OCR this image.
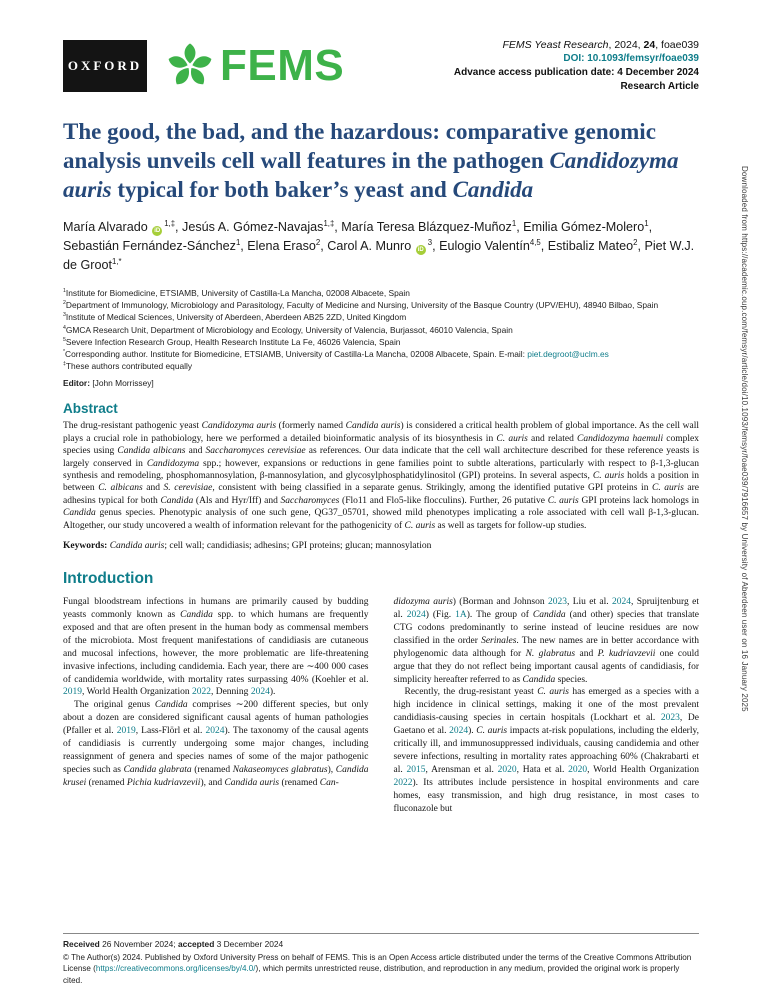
Downloaded from https://academic.oup.com/femsyr/article/doi/10.1093/femsyr/foae039/7916657 by University of Aberdeen user on 16 January 2025
OXFORD FEMS	FEMS Yeast Research, 2024, 24, foae039
DOI: 10.1093/femsyr/foae039
Advance access publication date: 4 December 2024
Research Article
The good, the bad, and the hazardous: comparative genomic analysis unveils cell wall features in the pathogen Candidozyma auris typical for both baker’s yeast and Candida
María Alvarado $iD^{1,\ddagger}$, Jesús A. Gómez-Navajas$^{1,\ddagger}$, María Teresa Blázquez-Muñoz$^1$, Emilia Gómez-Molero$^1$, Sebastián Fernández-Sánchez$^1$, Elena Eraso$^2$, Carol A. Munro $iD^3$, Eulogio Valentín$^{4,5}$, Estibaliz Mateo$^2$, Piet W.J. de Groot$^{1,*}$
$^1$Institute for Biomedicine, ETSIAMB, University of Castilla-La Mancha, 02008 Albacete, Spain
$^2$Department of Immunology, Microbiology and Parasitology, Faculty of Medicine and Nursing, University of the Basque Country (UPV/EHU), 48940 Bilbao, Spain
$^3$Institute of Medical Sciences, University of Aberdeen, Aberdeen AB25 2ZD, United Kingdom
$^4$GMCA Research Unit, Department of Microbiology and Ecology, University of Valencia, Burjassot, 46010 Valencia, Spain
$^5$Severe Infection Research Group, Health Research Institute La Fe, 46026 Valencia, Spain
*Corresponding author. Institute for Biomedicine, ETSIAMB, University of Castilla-La Mancha, 02008 Albacete, Spain. E-mail: piet.degroot@uclm.es
‡These authors contributed equally
Editor: [John Morrissey]
Abstract

The drug-resistant pathogenic yeast Candidozyma auris (formerly named Candida auris) is considered a critical health problem of global importance. As the cell wall plays a crucial role in pathobiology, here we performed a detailed bioinformatic analysis of its biosynthesis in C. auris and related Candidozyma haemuli complex species using Candida albicans and Saccharomyces cerevisiae as references. Our data indicate that the cell wall architecture described for these reference yeasts is largely conserved in Candidozyma spp.; however, expansions or reductions in gene families point to subtle alterations, particularly with respect to β-1,3-glucan synthesis and remodeling, phosphomannosylation, β-mannosylation, and glycosylphosphatidylinositol (GPI) proteins. In several aspects, C. auris holds a position in between C. albicans and S. cerevisiae, consistent with being classified in a separate genus. Strikingly, among the identified putative GPI proteins in C. auris are adhesins typical for both Candida (Als and Hyr/Iff) and Saccharomyces (Flo11 and Flo5-like flocculins). Further, 26 putative C. auris GPI proteins lack homologs in Candida genus species. Phenotypic analysis of one such gene, QG37_05701, showed mild phenotypes implicating a role associated with cell wall β-1,3-glucan. Altogether, our study uncovered a wealth of information relevant for the pathogenicity of C. auris as well as targets for follow-up studies.

Keywords: Candida auris; cell wall; candidiasis; adhesins; GPI proteins; glucan; mannosylation
Introduction

Fungal bloodstream infections in humans are primarily caused by budding yeasts commonly known as Candida spp. to which humans are frequently exposed and that are often present in the human body as commensal members of the microbiota. Most frequent manifestations of candidiasis are cutaneous and mucosal infections, however, the more problematic are life-threatening invasive infections, including candidemia. Each year, there are ∼400 000 cases of candidemia worldwide, with mortality rates surpassing 40% (Koehler et al. 2019, World Health Organization 2022, Denning 2024).

The original genus Candida comprises ∼200 different species, but only about a dozen are considered significant causal agents of human pathologies (Pfaller et al. 2019, Lass-Flörl et al. 2024). The taxonomy of the causal agents of candidiasis is currently undergoing some major changes, including reassignment of genera and species names of some of the major pathogenic species such as Candida glabrata (renamed Nakaseomyces glabratus), Candida krusei (renamed Pichia kudriavzevii), and Candida auris (renamed Can-

didozyma auris) (Borman and Johnson 2023, Liu et al. 2024, Spruijtenburg et al. 2024) (Fig. 1A). The group of Candida (and other) species that translate CTG codons predominantly to serine instead of leucine residues are now classified in the order Serinales. The new names are in better accordance with phylogenomic data although for N. glabratus and P. kudriavzevii one could argue that they do not reflect being important causal agents of candidiasis, for simplicity hereafter referred to as Candida species.

Recently, the drug-resistant yeast C. auris has emerged as a species with a high incidence in clinical settings, making it one of the most prevalent candidiasis-causing species in certain hospitals (Lockhart et al. 2023, De Gaetano et al. 2024). C. auris impacts at-risk populations, including the elderly, critically ill, and immunosuppressed individuals, causing candidemia and other severe infections, resulting in mortality rates approaching 60% (Chakrabarti et al. 2015, Arensman et al. 2020, Hata et al. 2020, World Health Organization 2022). Its attributes include persistence in hospital environments and care homes, easy transmission, and high drug resistance, in most cases to fluconazole but

Received 26 November 2024; accepted 3 December 2024

© The Author(s) 2024. Published by Oxford University Press on behalf of FEMS. This is an Open Access article distributed under the terms of the Creative Commons Attribution License (https://creativecommons.org/licenses/by/4.0/), which permits unrestricted reuse, distribution, and reproduction in any medium, provided the original work is properly cited.
